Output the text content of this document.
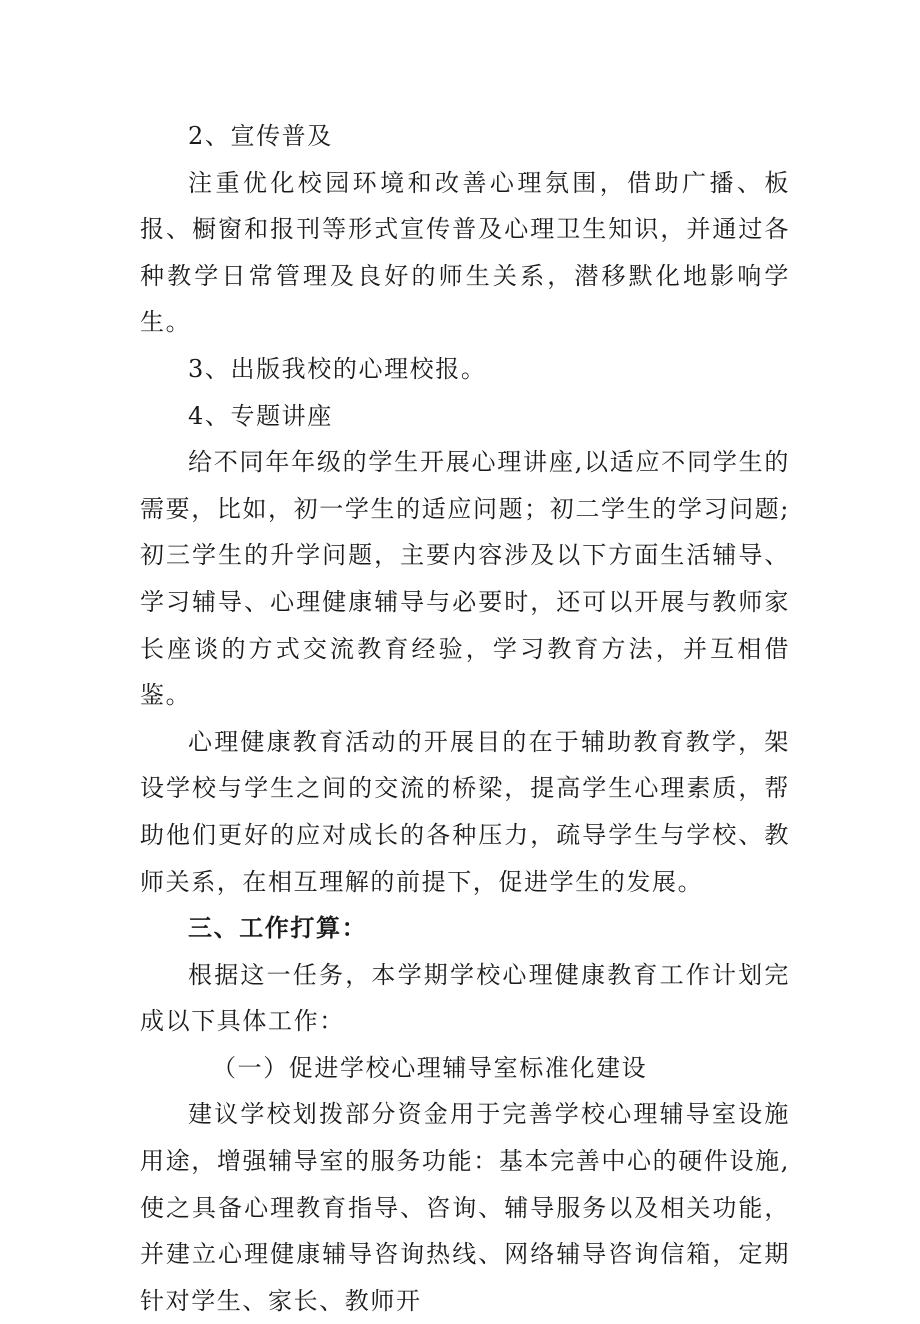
2、宣传普及

注重优化校园环境和改善心理氛围，借助广播、板报、橱窗和报刊等形式宣传普及心理卫生知识，并通过各种教学日常管理及良好的师生关系，潜移默化地影响学生。

3、出版我校的心理校报。

4、专题讲座

给不同年年级的学生开展心理讲座,以适应不同学生的需要，比如，初一学生的适应问题；初二学生的学习问题;初三学生的升学问题，主要内容涉及以下方面生活辅导、学习辅导、心理健康辅导与必要时，还可以开展与教师家长座谈的方式交流教育经验，学习教育方法，并互相借鉴。

心理健康教育活动的开展目的在于辅助教育教学，架设学校与学生之间的交流的桥梁，提高学生心理素质，帮助他们更好的应对成长的各种压力，疏导学生与学校、教师关系，在相互理解的前提下，促进学生的发展。

三、工作打算：

根据这一任务，本学期学校心理健康教育工作计划完成以下具体工作：

（一）促进学校心理辅导室标准化建设

建议学校划拨部分资金用于完善学校心理辅导室设施用途，增强辅导室的服务功能：基本完善中心的硬件设施,使之具备心理教育指导、咨询、辅导服务以及相关功能，并建立心理健康辅导咨询热线、网络辅导咨询信箱，定期针对学生、家长、教师开
